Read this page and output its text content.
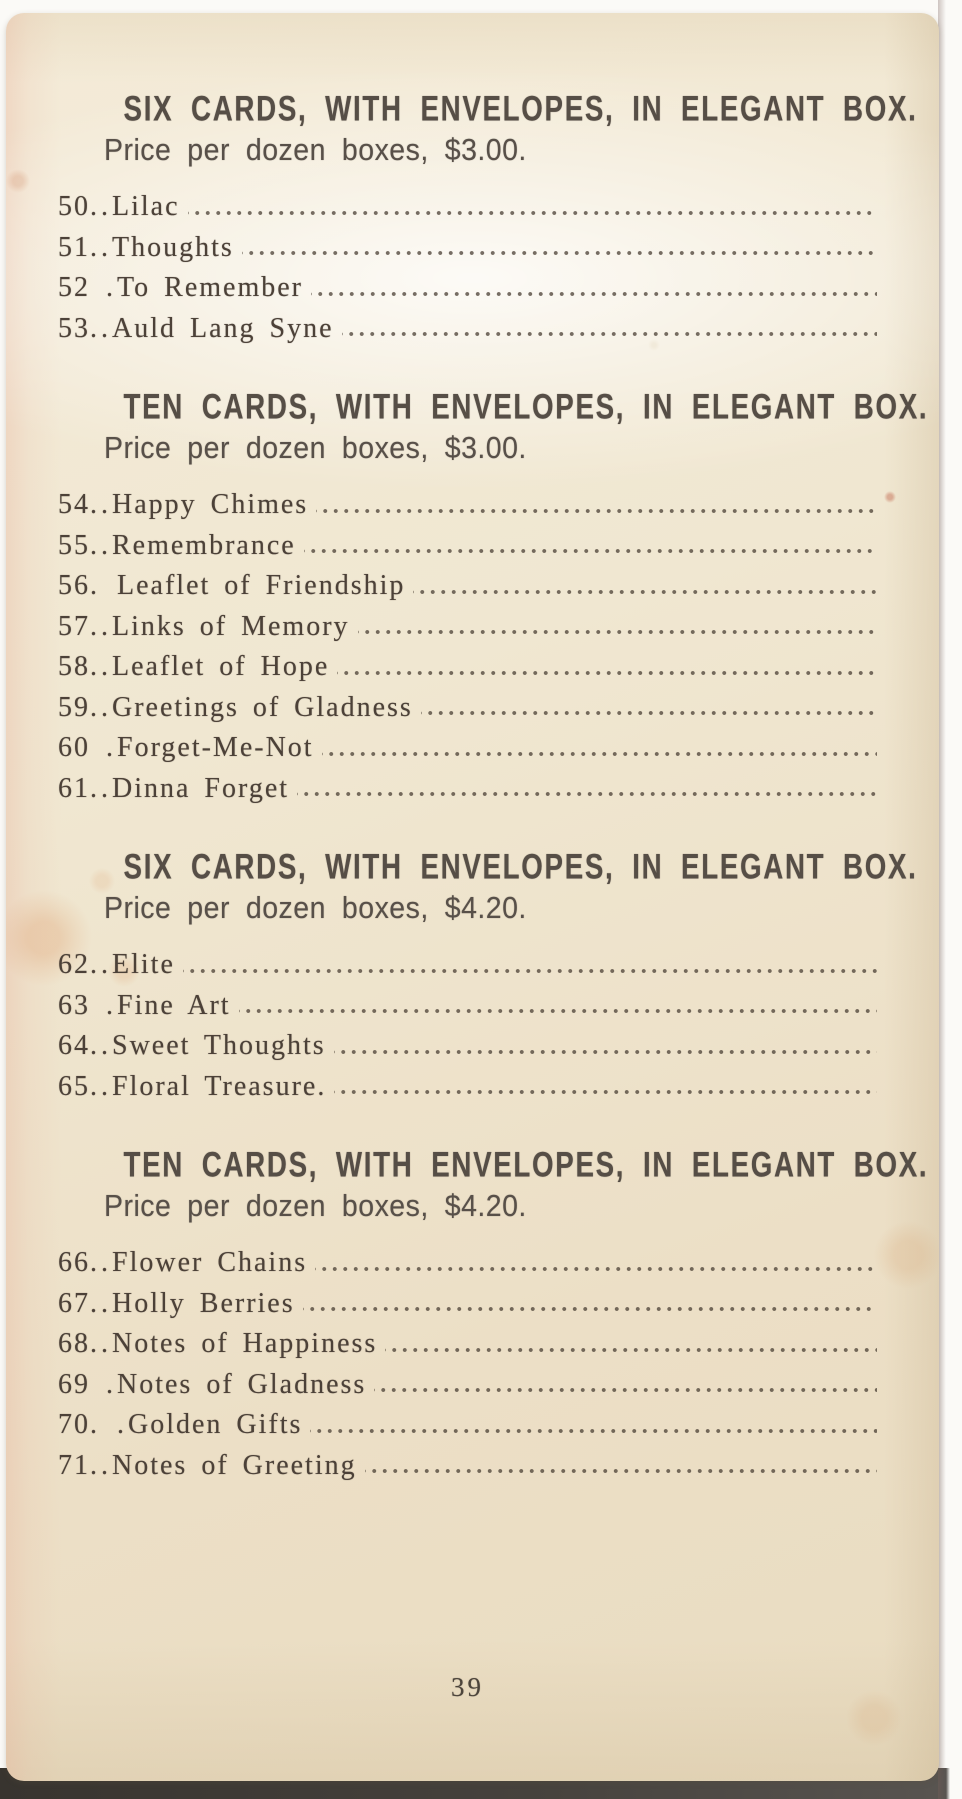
SIX CARDS, WITH ENVELOPES, IN ELEGANT BOX.

Price per dozen boxes, $3.00.

50 .. Lilac
51 .. Thoughts
52 . To Remember
53 .. Auld Lang Syne
TEN CARDS, WITH ENVELOPES, IN ELEGANT BOX.

Price per dozen boxes, $3.00.

54 .. Happy Chimes
55 .. Remembrance
56 . Leaflet of Friendship
57 .. Links of Memory
58 .. Leaflet of Hope
59 .. Greetings of Gladness
60 . Forget-Me-Not
61 .. Dinna Forget
SIX CARDS, WITH ENVELOPES, IN ELEGANT BOX.

Price per dozen boxes, $4.20.

62 .. Elite
63 . Fine Art
64 .. Sweet Thoughts
65 .. Floral Treasure.
TEN CARDS, WITH ENVELOPES, IN ELEGANT BOX.

Price per dozen boxes, $4.20.

66 .. Flower Chains
67 .. Holly Berries
68 .. Notes of Happiness
69 . Notes of Gladness
70 . . Golden Gifts
71 .. Notes of Greeting
39
